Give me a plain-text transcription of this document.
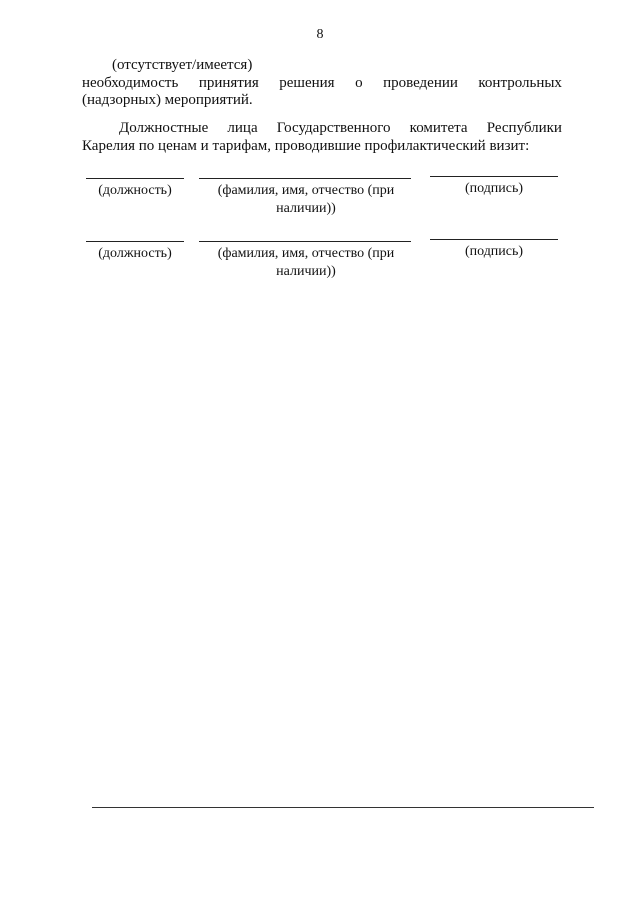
8
(отсутствует/имеется)
необходимость принятия решения о проведении контрольных
(надзорных) мероприятий.
Должностные лица Государственного комитета Республики
Карелия по ценам и тарифам, проводившие профилактический визит:
(должность)	(фамилия, имя, отчество (при
наличии))
(подпись)
(должность)	(фамилия, имя, отчество (при
наличии))
(подпись)
